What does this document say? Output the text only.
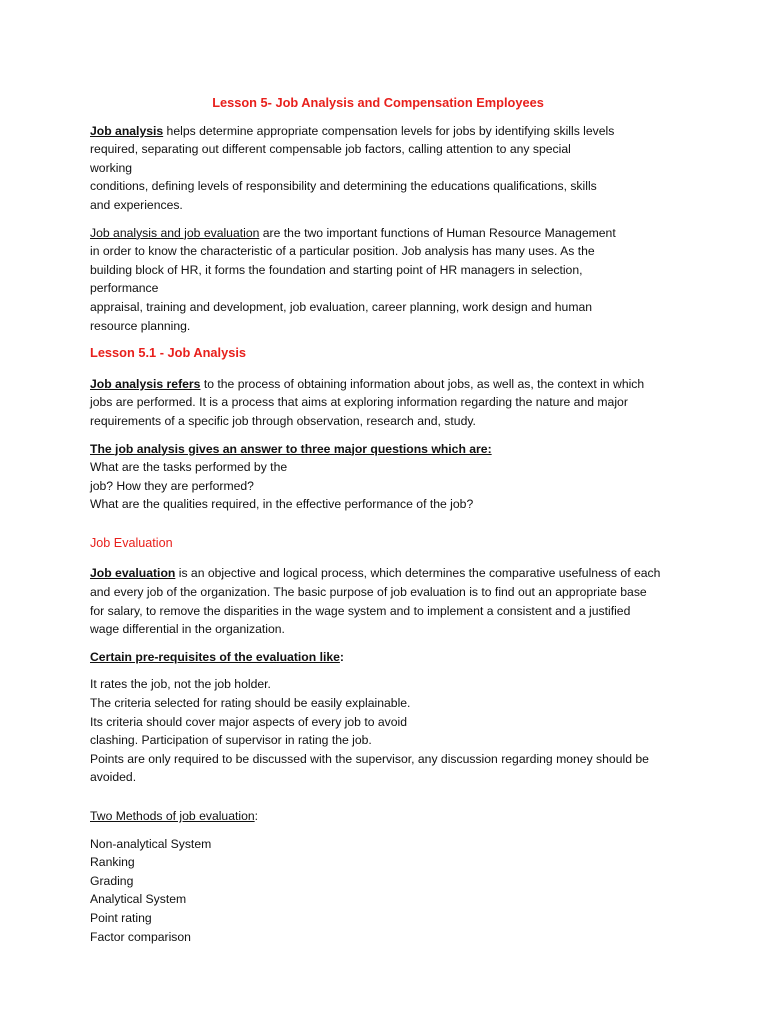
Lesson 5- Job Analysis and Compensation Employees
Job analysis helps determine appropriate compensation levels for jobs by identifying skills levels
required, separating out different compensable job factors, calling attention to any special
working
conditions, defining levels of responsibility and determining the educations qualifications, skills
and experiences.
Job analysis and job evaluation are the two important functions of Human Resource Management
in order to know the characteristic of a particular position. Job analysis has many uses. As the
building block of HR, it forms the foundation and starting point of HR managers in selection,
performance
appraisal, training and development, job evaluation, career planning, work design and human
resource planning.
Lesson 5.1 - Job Analysis
Job analysis refers to the process of obtaining information about jobs, as well as, the context in which
jobs are performed. It is a process that aims at exploring information regarding the nature and major
requirements of a specific job through observation, research and, study.
The job analysis gives an answer to three major questions which are:
What are the tasks performed by the
job? How they are performed?
What are the qualities required, in the effective performance of the job?
Job Evaluation
Job evaluation is an objective and logical process, which determines the comparative usefulness of each
and every job of the organization. The basic purpose of job evaluation is to find out an appropriate base
for salary, to remove the disparities in the wage system and to implement a consistent and a justified
wage differential in the organization.
Certain pre-requisites of the evaluation like:
It rates the job, not the job holder.
The criteria selected for rating should be easily explainable.
Its criteria should cover major aspects of every job to avoid
clashing. Participation of supervisor in rating the job.
Points are only required to be discussed with the supervisor, any discussion regarding money should be
avoided.
Two Methods of job evaluation:
Non-analytical System
Ranking
Grading
Analytical System
Point rating
Factor comparison
